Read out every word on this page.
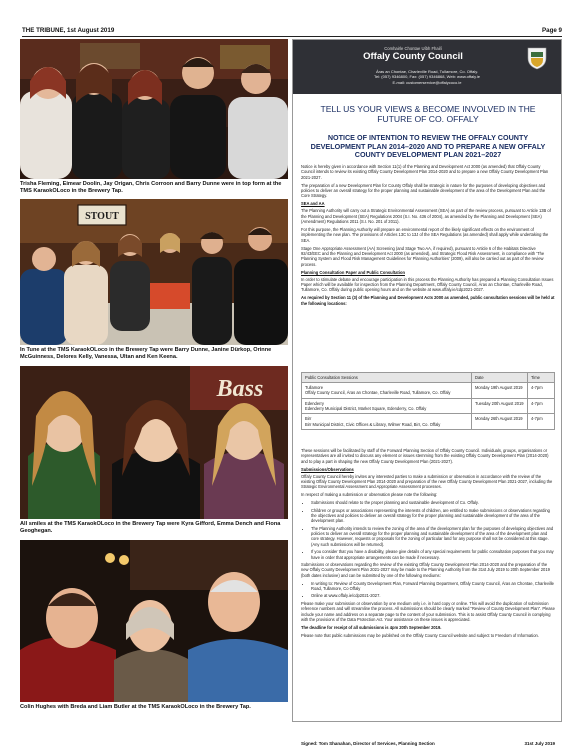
THE TRIBUNE, 1st August 2019	Page 9
Trisha Fleming, Eimear Doolin, Jay Origan, Chris Corroon and Barry Dunne were in top form at the TMS KaraokOLoco in the Brewery Tap.
STOUT
In Tune at the TMS KaraokOLoco in the Brewery Tap were Barry Dunne, Janine Dürkop, Orinne McGuinness, Delores Kelly, Vanessa, Ultan and Ken Keena.
Bass
All smiles at the TMS KaraokOLoco in the Brewery Tap were Kyra Gifford, Emma Dench and Fiona Geoghegan.
Colin Hughes with Breda and Liam Butler at the TMS KaraokOLoco in the Brewery Tap.
Comhairle Chontae Uíbh Fhailí
Offaly County Council
Áras an Chontae, Charleville Road, Tullamore, Co. Offaly.
Tel: (057) 9346800, Fax: (057) 9346868, Web: www.offaly.ie
E-mail: customerservice@offalycoco.ie
TELL US YOUR VIEWS & BECOME INVOLVED IN THE FUTURE OF CO. OFFALY
NOTICE OF INTENTION TO REVIEW THE OFFALY COUNTY DEVELOPMENT PLAN 2014–2020 AND TO PREPARE A NEW OFFALY COUNTY DEVELOPMENT PLAN 2021–2027

Notice is hereby given in accordance with Section 11(1) of the Planning and Development Act 2000 (as amended) that Offaly County Council intends to review its existing Offaly County Development Plan 2014-2020 and to prepare a new Offaly County Development Plan 2021-2027.

The preparation of a new Development Plan for County Offaly shall be strategic in nature for the purposes of developing objectives and policies to deliver an overall strategy for the proper planning and sustainable development of the area of the Development Plan and the Core Strategy.

SEA and AA

The Planning Authority will carry out a Strategic Environmental Assessment (SEA) as part of the review process, pursuant to Article 13B of the Planning and Development (SEA) Regulations 2004 (S.I. No. 436 of 2004), as amended by the Planning and Development (SEA) (Amendment) Regulations 2011 (S.I. No. 201 of 2011).

For this purpose, the Planning Authority will prepare an environmental report of the likely significant effects on the environment of implementing the new plan. The provisions of Articles 13C to 13J of the SEA Regulations (as amended) shall apply while undertaking the SEA.

Stage One Appropriate Assessment (AA) Screening (and Stage Two AA, if required), pursuant to Article 6 of the Habitats Directive 92/43/EEC and the Planning and Development Act 2000 (as amended), and Strategic Flood Risk Assessment, in compliance with 'The Planning System and Flood Risk Management Guidelines for Planning Authorities' (2009), will also be carried out as part of the review process.

Planning Consultation Paper and Public Consultation

In order to stimulate debate and encourage participation in this process the Planning Authority has prepared a Planning Consultation Issues Paper which will be available for inspection from the Planning Department, Offaly County Council, Áras an Chontae, Charleville Road, Tullamore, Co. Offaly during public opening hours and on the website at www.offaly.ie/cdp2021-2027.

As required by Section 11 (3) of the Planning and Development Acts 2000 as amended, public consultation sessions will be held at the following locations:

Public Consultation Sessions	Date	Time

Tullamore
Offaly County Council, Áras an Chontae, Charleville Road, Tullamore, Co. Offaly	Monday 19th August 2019	4-7pm

Edenderry
Edenderry Municipal District, Market Square, Edenderry, Co. Offaly	Tuesday 20th August 2019	4-7pm

Birr
Birr Municipal District, Civic Offices & Library, Wilmer Road, Birr, Co. Offaly	Monday 26th August 2019	4-7pm

These sessions will be facilitated by staff of the Forward Planning Section of Offaly County Council. Individuals, groups, organisations or representatives are all invited to discuss any element or issues stemming from the existing Offaly County Development Plan (2014-2020) and to play a part in shaping the new Offaly County Development Plan (2021-2027).

Submissions/Observations

Offaly County Council hereby invites any interested parties to make a submission or observation in accordance with the review of the existing Offaly County Development Plan 2014-2020 and preparation of the new Offaly County Development Plan 2021-2027, including the Strategic Environmental Assessment and Appropriate Assessment processes.

In respect of making a submission or observation please note the following:

• Submissions should relate to the proper planning and sustainable development of Co. Offaly.
• Children or groups or associations representing the interests of children, are entitled to make submissions or observations regarding the objectives and policies to deliver an overall strategy for the proper planning and sustainable development of the area of the development plan.
• The Planning Authority intends to review the zoning of the area of the development plan for the purposes of developing objectives and policies to deliver an overall strategy for the proper planning and sustainable development of the area of the development plan and core strategy. However, requests or proposals for the zoning of particular land for any purpose shall not be considered at this stage. (Any such submissions will be returned).
• If you consider that you have a disability, please give details of any special requirements for public consultation purposes that you may have in order that appropriate arrangements can be made if necessary.

Submissions or observations regarding the review of the existing Offaly County Development Plan 2014-2020 and the preparation of the new Offaly County Development Plan 2021-2027 may be made to the Planning Authority from the 31st July 2019 to 20th September 2019 (both dates inclusive) and can be submitted by one of the following mediums:

• In writing to: Review of County Development Plan, Forward Planning Department, Offaly County Council, Áras an Chontae, Charleville Road, Tullamore, Co Offaly
• Online at www.offaly.ie/cdp2021-2027.

Please make your submission or observation by one medium only i.e. in hard copy or online. This will avoid the duplication of submission reference numbers and will streamline the process. All submissions should be clearly marked "Review of County Development Plan". Please include your name and address on a separate page to the content of your submission. This is to assist Offaly County Council in complying with the provisions of the Data Protection Act. Your assistance on these issues is appreciated.

The deadline for receipt of all submissions is 4pm 20th September 2019.

Please note that public submissions may be published on the Offaly County Council website and subject to Freedom of Information.

Signed: Tom Shanahan, Director of Services, Planning Section	31st July 2019
